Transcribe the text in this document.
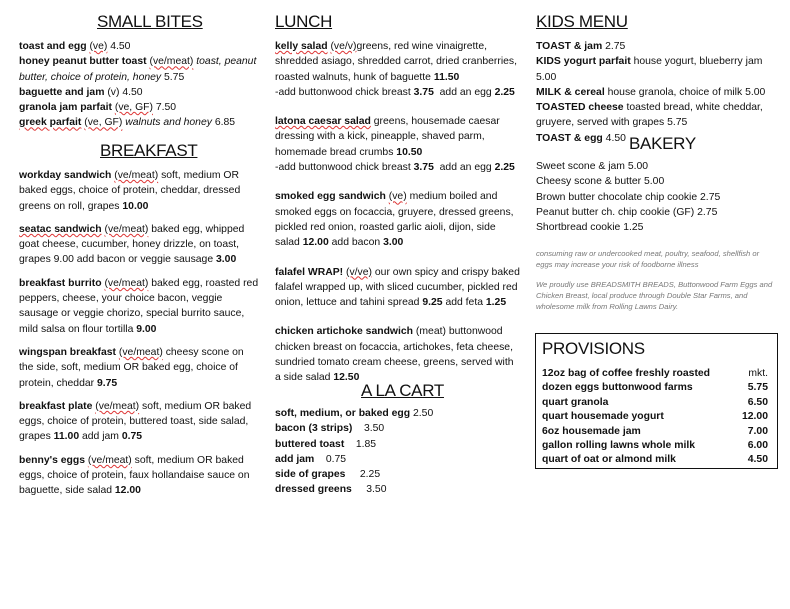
SMALL BITES

toast and egg (ve) 4.50

honey peanut butter toast (ve/meat) toast, peanut butter, choice of protein, honey 5.75

baguette and jam (v) 4.50

granola jam parfait (ve, GF) 7.50

greek parfait (ve, GF) walnuts and honey 6.85

BREAKFAST

workday sandwich (ve/meat) soft, medium OR baked eggs, choice of protein, cheddar, dressed greens on roll, grapes 10.00

seatac sandwich (ve/meat) baked egg, whipped goat cheese, cucumber, honey drizzle, on toast, grapes 9.00 add bacon or veggie sausage 3.00

breakfast burrito (ve/meat) baked egg, roasted red peppers, cheese, your choice bacon, veggie sausage or veggie chorizo, special burrito sauce, mild salsa on flour tortilla 9.00

wingspan breakfast (ve/meat) cheesy scone on the side, soft, medium OR baked egg, choice of protein, cheddar 9.75

breakfast plate (ve/meat) soft, medium OR baked eggs, choice of protein, buttered toast, side salad, grapes 11.00 add jam 0.75

benny's eggs (ve/meat) soft, medium OR baked eggs, choice of protein, faux hollandaise sauce on baguette, side salad 12.00

LUNCH

kelly salad (ve/v)greens, red wine vinaigrette, shredded asiago, shredded carrot, dried cranberries, roasted walnuts, hunk of baguette 11.50

-add buttonwood chick breast 3.75 add an egg 2.25

latona caesar salad greens, housemade caesar dressing with a kick, pineapple, shaved parm, homemade bread crumbs 10.50

-add buttonwood chick breast 3.75 add an egg 2.25

smoked egg sandwich (ve) medium boiled and smoked eggs on focaccia, gruyere, dressed greens, pickled red onion, roasted garlic aioli, dijon, side salad 12.00 add bacon 3.00

falafel WRAP! (v/ve) our own spicy and crispy baked falafel wrapped up, with sliced cucumber, pickled red onion, lettuce and tahini spread 9.25 add feta 1.25

chicken artichoke sandwich (meat) buttonwood chicken breast on focaccia, artichokes, feta cheese, sundried tomato cream cheese, greens, served with a side salad 12.50

A LA CART

soft, medium, or baked egg 2.50

bacon (3 strips) 3.50

buttered toast 1.85

add jam 0.75

side of grapes 2.25

dressed greens 3.50

KIDS MENU

TOAST & jam 2.75

KIDS yogurt parfait house yogurt, blueberry jam 5.00

MILK & cereal house granola, choice of milk 5.00

TOASTED cheese toasted bread, white cheddar, gruyere, served with grapes 5.75

TOAST & egg 4.50 BAKERY

Sweet scone & jam 5.00

Cheesy scone & butter 5.00

Brown butter chocolate chip cookie 2.75

Peanut butter ch. chip cookie (GF) 2.75

Shortbread cookie 1.25

consuming raw or undercooked meat, poultry, seafood, shellfish or eggs may increase your risk of foodborne illness

We proudly use BREADSMITH BREADS, Buttonwood Farm Eggs and Chicken Breast, local produce through Double Star Farms, and wholesome milk from Rolling Lawns Dairy.

PROVISIONS
12oz bag of coffee freshly roasted	mkt.
dozen eggs buttonwood farms	5.75
quart granola	6.50
quart housemade yogurt	12.00
6oz housemade jam	7.00
gallon rolling lawns whole milk	6.00
quart of oat or almond milk	4.50
